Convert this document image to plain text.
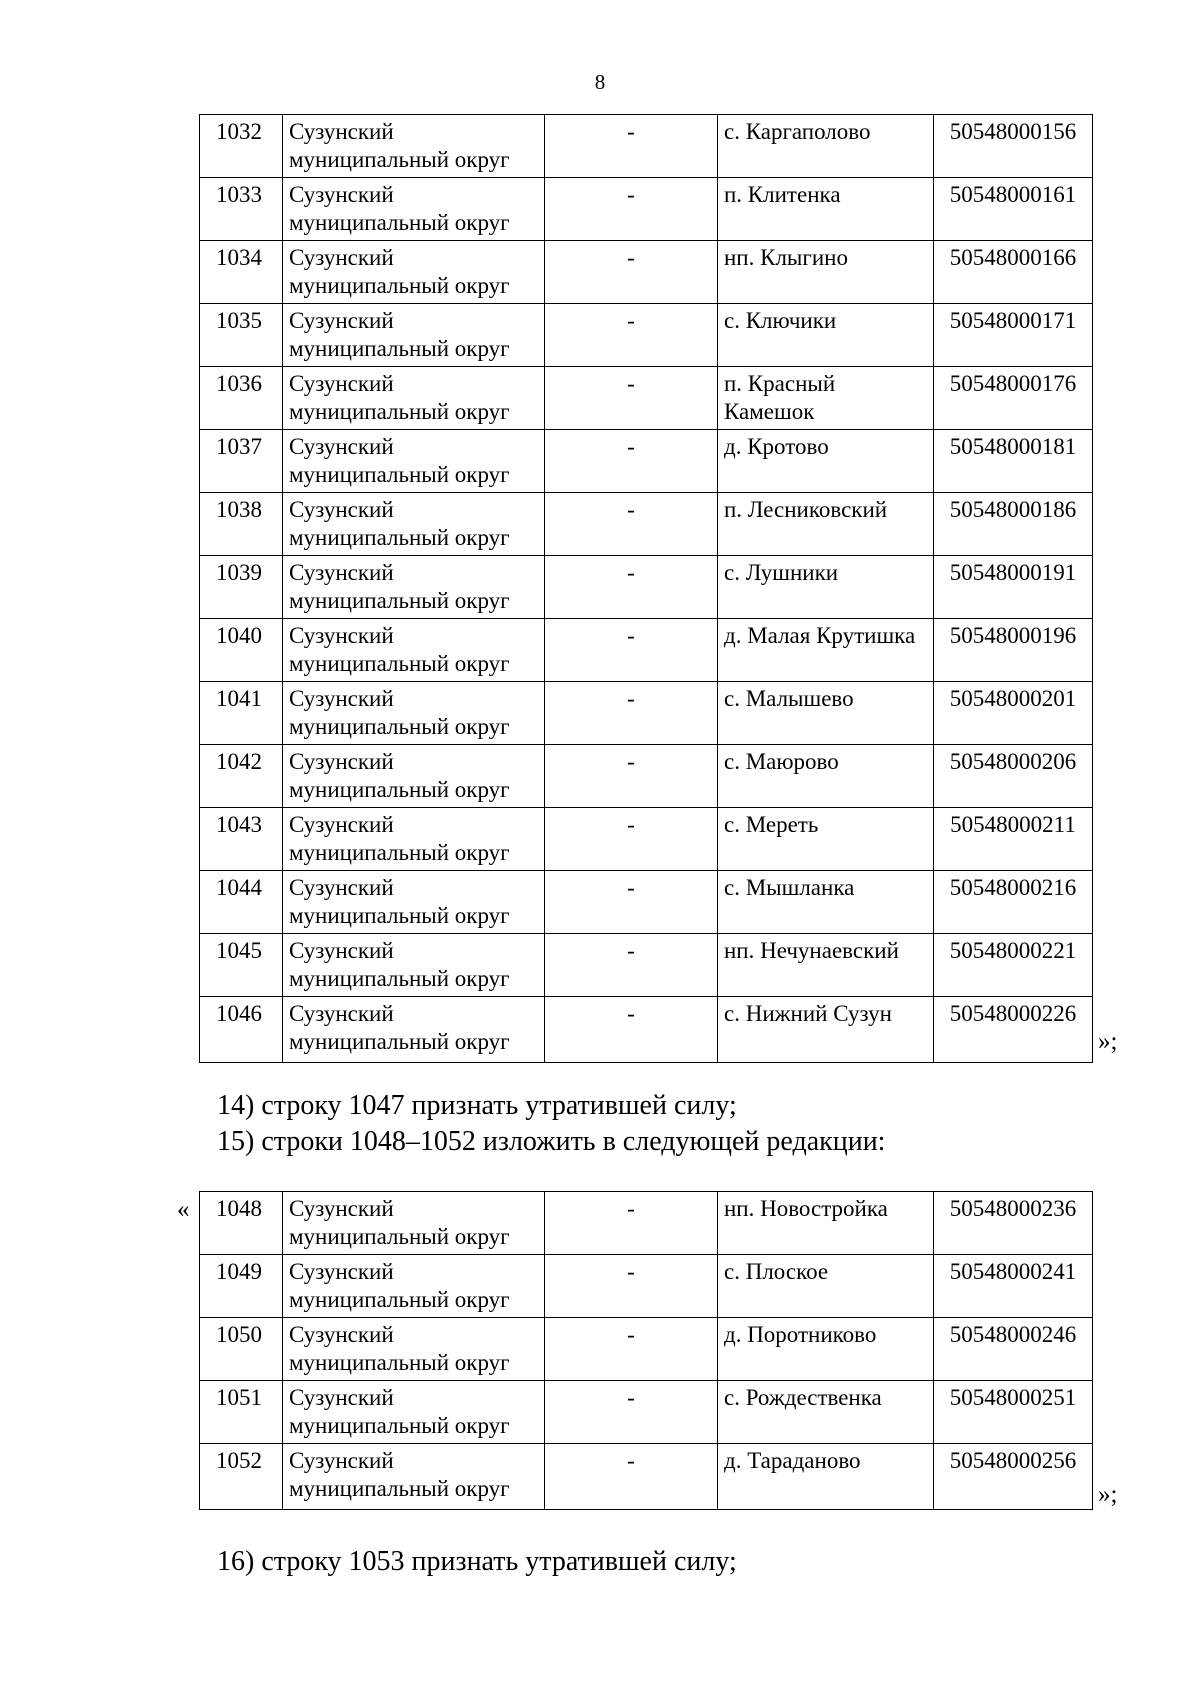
8
1032	Сузунский муниципальный округ	-	с. Каргаполово	50548000156
1033	Сузунский муниципальный округ	-	п. Клитенка	50548000161
1034	Сузунский муниципальный округ	-	нп. Клыгино	50548000166
1035	Сузунский муниципальный округ	-	с. Ключики	50548000171
1036	Сузунский муниципальный округ	-	п. Красный Камешок	50548000176
1037	Сузунский муниципальный округ	-	д. Кротово	50548000181
1038	Сузунский муниципальный округ	-	п. Лесниковский	50548000186
1039	Сузунский муниципальный округ	-	с. Лушники	50548000191
1040	Сузунский муниципальный округ	-	д. Малая Крутишка	50548000196
1041	Сузунский муниципальный округ	-	с. Малышево	50548000201
1042	Сузунский муниципальный округ	-	с. Маюрово	50548000206
1043	Сузунский муниципальный округ	-	с. Мереть	50548000211
1044	Сузунский муниципальный округ	-	с. Мышланка	50548000216
1045	Сузунский муниципальный округ	-	нп. Нечунаевский	50548000221
1046	Сузунский муниципальный округ	-	с. Нижний Сузун	50548000226
»;
14) строку 1047 признать утратившей силу;
15) строки 1048–1052 изложить в следующей редакции:
« 1048	Сузунский муниципальный округ	-	нп. Новостройка	50548000236
1049	Сузунский муниципальный округ	-	с. Плоское	50548000241
1050	Сузунский муниципальный округ	-	д. Поротниково	50548000246
1051	Сузунский муниципальный округ	-	с. Рождественка	50548000251
1052	Сузунский муниципальный округ	-	д. Тараданово	50548000256
»;
16) строку 1053 признать утратившей силу;
